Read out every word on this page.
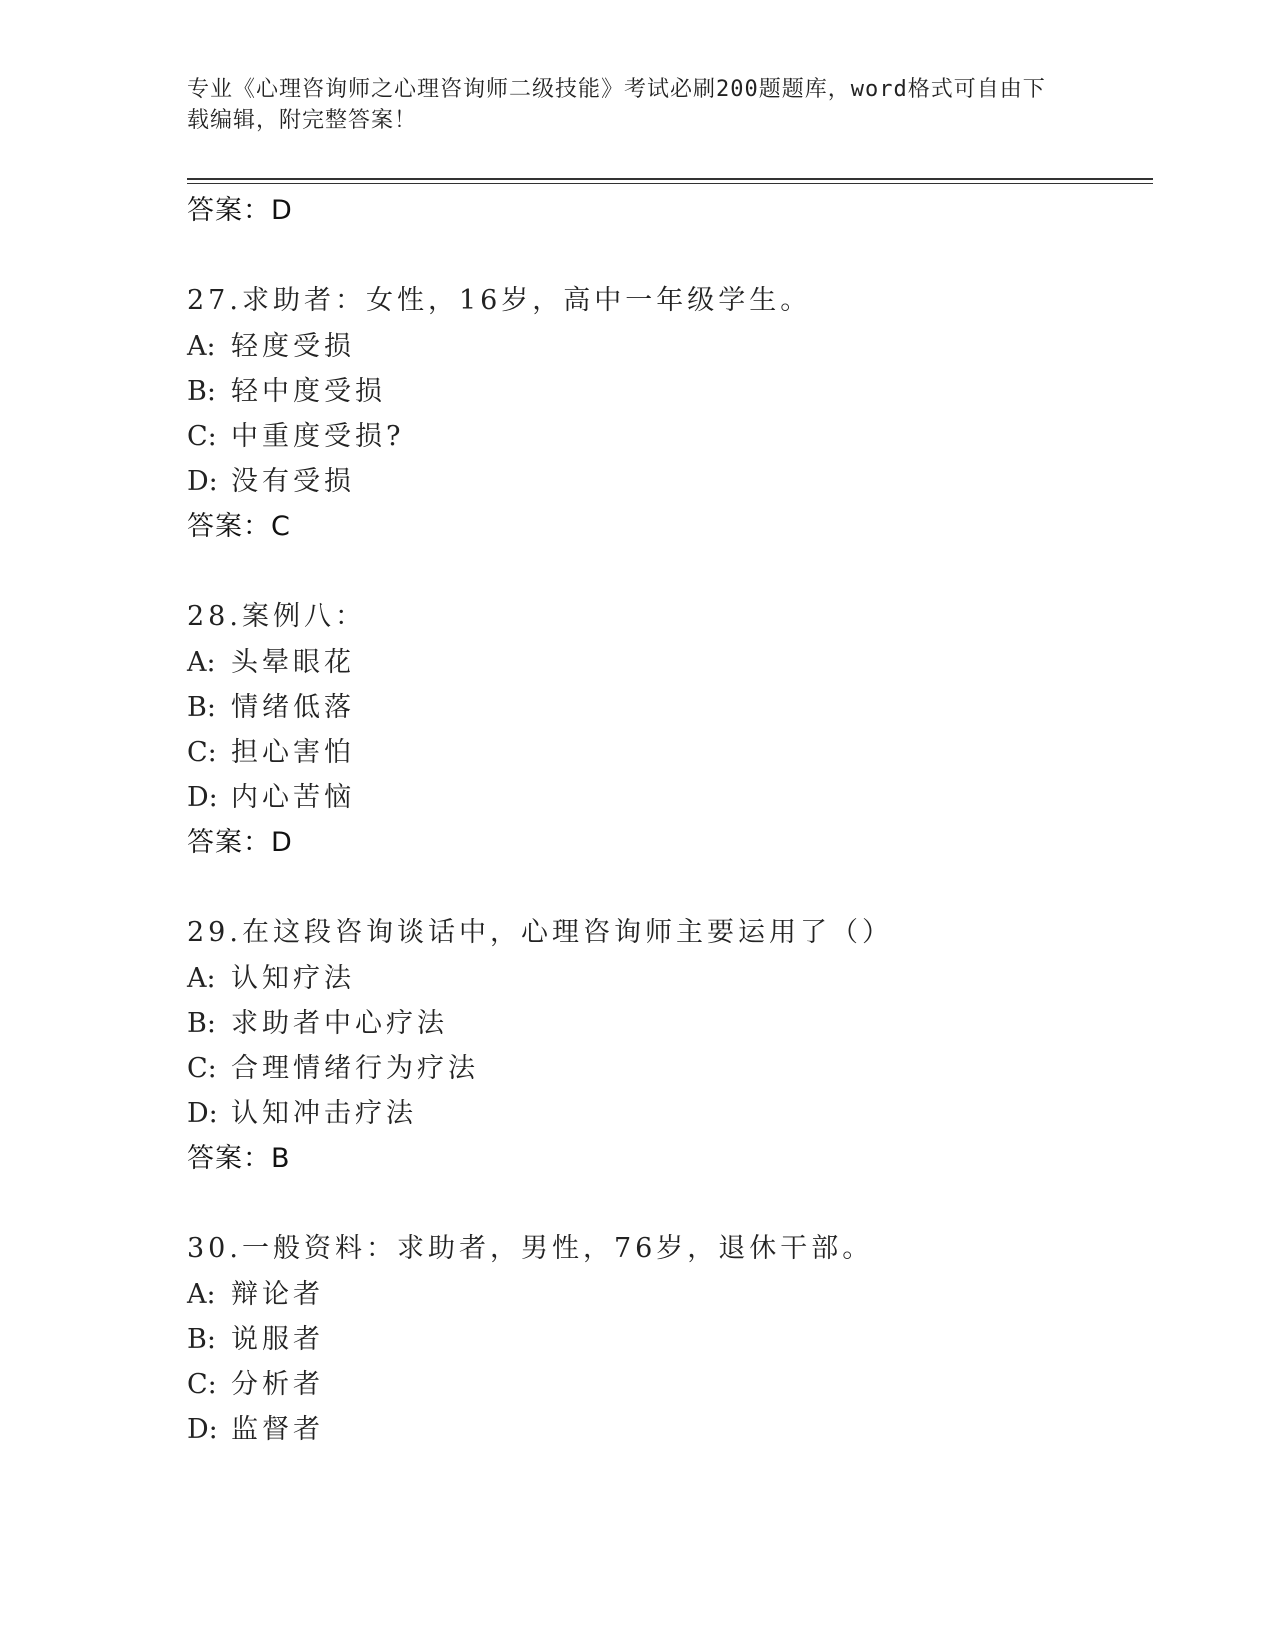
专业《心理咨询师之心理咨询师二级技能》考试必刷200题题库，word格式可自由下载编辑，附完整答案！
答案：D
27.求助者：女性，16岁，高中一年级学生。
A: 轻度受损
B: 轻中度受损
C: 中重度受损?
D: 没有受损
答案：C
28.案例八：
A: 头晕眼花
B: 情绪低落
C: 担心害怕
D: 内心苦恼
答案：D
29.在这段咨询谈话中，心理咨询师主要运用了（）
A: 认知疗法
B: 求助者中心疗法
C: 合理情绪行为疗法
D: 认知冲击疗法
答案：B
30.一般资料：求助者，男性，76岁，退休干部。
A: 辩论者
B: 说服者
C: 分析者
D: 监督者
